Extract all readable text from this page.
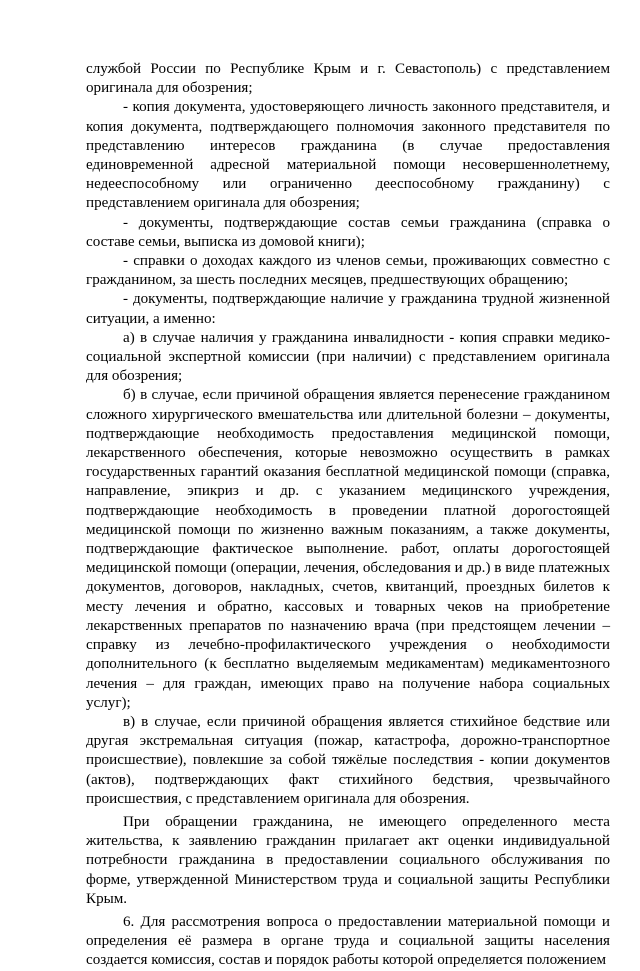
службой России по Республике Крым и г. Севастополь) с представлением оригинала для обозрения;

- копия документа, удостоверяющего личность законного представителя, и копия документа, подтверждающего полномочия законного представителя по представлению интересов гражданина (в случае предоставления единовременной адресной материальной помощи несовершеннолетнему, недееспособному или ограниченно дееспособному гражданину) с представлением оригинала для обозрения;

- документы, подтверждающие состав семьи гражданина (справка о составе семьи, выписка из домовой книги);

- справки о доходах каждого из членов семьи, проживающих совместно с гражданином, за шесть последних месяцев, предшествующих обращению;

- документы, подтверждающие наличие у гражданина трудной жизненной ситуации, а именно:

а) в случае наличия у гражданина инвалидности - копия справки медико-социальной экспертной комиссии (при наличии) с представлением оригинала для обозрения;

б) в случае, если причиной обращения является перенесение гражданином сложного хирургического вмешательства или длительной болезни – документы, подтверждающие необходимость предоставления медицинской помощи, лекарственного обеспечения, которые невозможно осуществить в рамках государственных гарантий оказания бесплатной медицинской помощи (справка, направление, эпикриз и др. с указанием медицинского учреждения, подтверждающие необходимость в проведении платной дорогостоящей медицинской помощи по жизненно важным показаниям, а также документы, подтверждающие фактическое выполнение. работ, оплаты дорогостоящей медицинской помощи (операции, лечения, обследования и др.) в виде платежных документов, договоров, накладных, счетов, квитанций, проездных билетов к месту лечения и обратно, кассовых и товарных чеков на приобретение лекарственных препаратов по назначению врача (при предстоящем лечении – справку из лечебно-профилактического учреждения о необходимости дополнительного (к бесплатно выделяемым медикаментам) медикаментозного лечения – для граждан, имеющих право на получение набора социальных услуг);

в) в случае, если причиной обращения является стихийное бедствие или другая экстремальная ситуация (пожар, катастрофа, дорожно-транспортное происшествие), повлекшие за собой тяжёлые последствия - копии документов (актов), подтверждающих факт стихийного бедствия, чрезвычайного происшествия, с представлением оригинала для обозрения.

При обращении гражданина, не имеющего определенного места жительства, к заявлению гражданин прилагает акт оценки индивидуальной потребности гражданина в предоставлении социального обслуживания по форме, утвержденной Министерством труда и социальной защиты Республики Крым.

6. Для рассмотрения вопроса о предоставлении материальной помощи и определения её размера в органе труда и социальной защиты населения создается комиссия, состав и порядок работы которой определяется положением
